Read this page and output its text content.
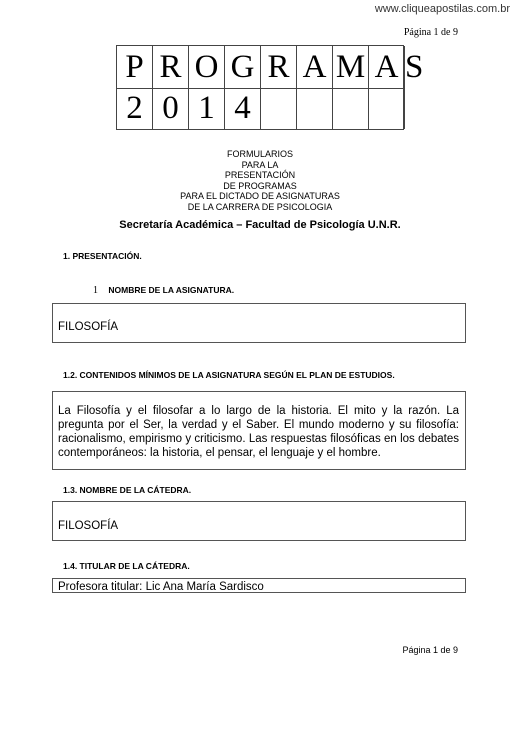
www.cliqueapostilas.com.br
Página 1 de 9
P R O G R A M A S
2 0 1 4
FORMULARIOS
PARA LA
PRESENTACIÓN
DE PROGRAMAS
PARA EL DICTADO DE ASIGNATURAS
DE LA CARRERA DE PSICOLOGIA
Secretaría Académica – Facultad de Psicología U.N.R.
1. PRESENTACIÓN.
1 NOMBRE DE LA ASIGNATURA.
FILOSOFÍA
1.2. CONTENIDOS MÍNIMOS DE LA ASIGNATURA SEGÚN EL PLAN DE ESTUDIOS.
La Filosofía y el filosofar a lo largo de la historia. El mito y la razón. La pregunta por el Ser, la verdad y el Saber. El mundo moderno y su filosofía: racionalismo, empirismo y criticismo. Las respuestas filosóficas en los debates contemporáneos: la historia, el pensar, el lenguaje y el hombre.
1.3. NOMBRE DE LA CÁTEDRA.
FILOSOFÍA
1.4. TITULAR DE LA CÁTEDRA.
Profesora titular: Lic Ana María Sardisco
Página 1 de 9
